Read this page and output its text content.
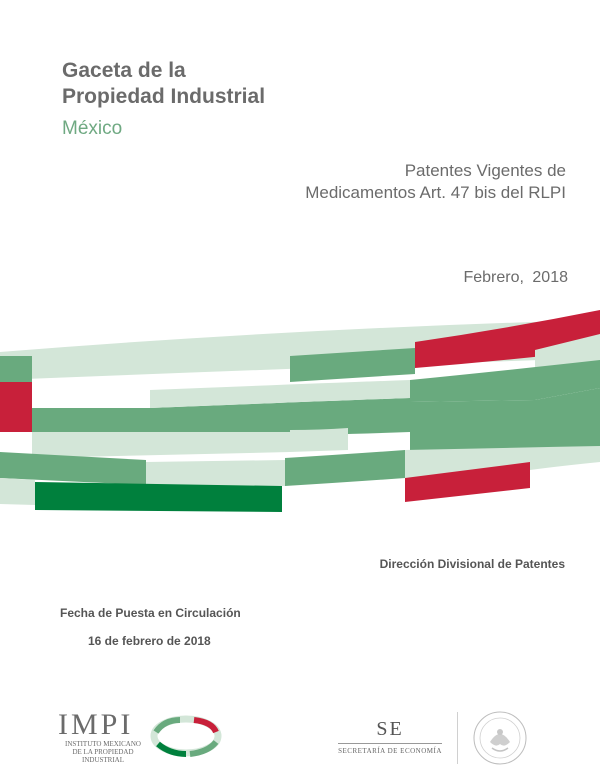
Gaceta de la
Propiedad Industrial
México
Patentes Vigentes de
Medicamentos Art. 47 bis del RLPI
Febrero, 2018
Dirección Divisional de Patentes
Fecha de Puesta en Circulación
16 de febrero de 2018
IMPI
INSTITUTO MEXICANO
DE LA PROPIEDAD
INDUSTRIAL
SE
SECRETARÍA DE ECONOMÍA
